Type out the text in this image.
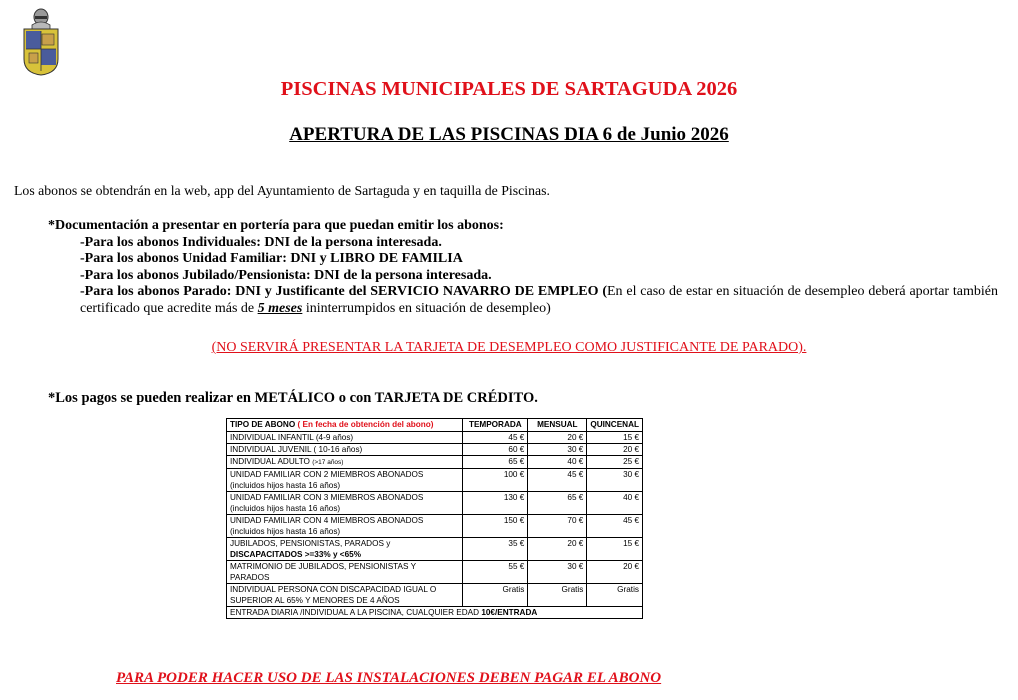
PISCINAS MUNICIPALES DE SARTAGUDA 2026
APERTURA DE LAS PISCINAS DIA 6 de Junio 2026
Los abonos se obtendrán en la web, app del Ayuntamiento de Sartaguda y en taquilla de Piscinas.
*Documentación a presentar en portería para que puedan emitir los abonos:
-Para los abonos Individuales: DNI de la persona interesada.
-Para los abonos Unidad Familiar: DNI y LIBRO DE FAMILIA
-Para los abonos Jubilado/Pensionista: DNI de la persona interesada.
-Para los abonos Parado: DNI y Justificante del SERVICIO NAVARRO DE EMPLEO (En el caso de estar en situación de desempleo deberá aportar también certificado que acredite más de 5 meses ininterrumpidos en situación de desempleo)
(NO SERVIRÁ PRESENTAR LA TARJETA DE DESEMPLEO COMO JUSTIFICANTE DE PARADO).
*Los pagos se pueden realizar en METÁLICO o con TARJETA DE CRÉDITO.
TIPO DE ABONO ( En fecha de obtención del abono)	TEMPORADA	MENSUAL	QUINCENAL
INDIVIDUAL INFANTIL (4-9 años)	45 €	20 €	15 €
INDIVIDUAL JUVENIL ( 10-16 años)	60 €	30 €	20 €
INDIVIDUAL ADULTO (>17 años)	65 €	40 €	25 €

UNIDAD FAMILIAR CON 2 MIEMBROS ABONADOS
(incluidos hijos hasta 16 años)	100 €	45 €	30 €

UNIDAD FAMILIAR CON 3 MIEMBROS ABONADOS
(incluidos hijos hasta 16 años)	130 €	65 €	40 €

UNIDAD FAMILIAR CON 4 MIEMBROS ABONADOS
(incluidos hijos hasta 16 años)	150 €	70 €	45 €

JUBILADOS, PENSIONISTAS, PARADOS y
DISCAPACITADOS >=33% y <65%	35 €	20 €	15 €

MATRIMONIO DE JUBILADOS, PENSIONISTAS Y
PARADOS	55 €	30 €	20 €

INDIVIDUAL PERSONA CON DISCAPACIDAD IGUAL O
SUPERIOR AL 65% Y MENORES DE 4 AÑOS	Gratis	Gratis	Gratis
ENTRADA DIARIA /INDIVIDUAL A LA PISCINA, CUALQUIER EDAD 10€/ENTRADA			
PARA PODER HACER USO DE LAS INSTALACIONES DEBEN PAGAR EL ABONO
